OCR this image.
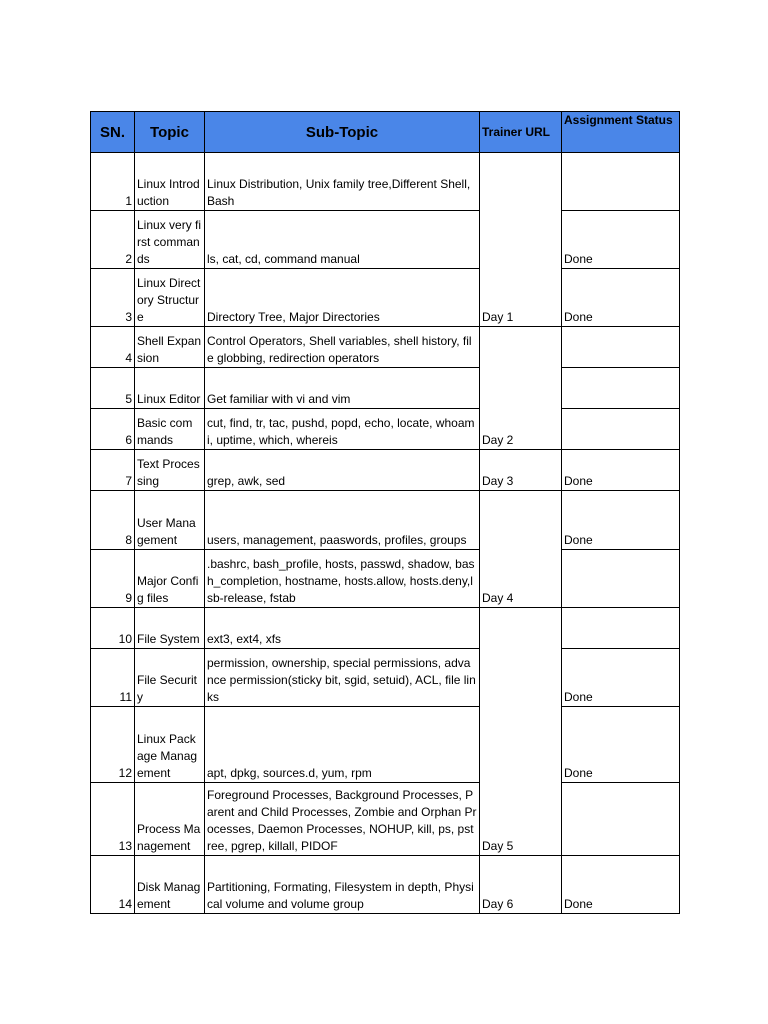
SN.	Topic	Sub-Topic	Trainer URL	Assignment Status
1	Linux Introduction	Linux Distribution, Unix family tree,Different Shell, Bash	Day 1	
2	Linux very first commands	ls, cat, cd, command manual		Done
3	Linux Directory Structure	Directory Tree, Major Directories		Done
4	Shell Expansion	Control Operators, Shell variables, shell history, file globbing, redirection operators	Day 2	
5	Linux Editor	Get familiar with vi and vim		
6	Basic commands	cut, find, tr, tac, pushd, popd, echo, locate, whoami, uptime, which, whereis		
7	Text Processing	grep, awk, sed	Day 3	Done
8	User Management	users, management, paaswords, profiles, groups	Day 4	Done
9	Major Config files	.bashrc, bash_profile, hosts, passwd, shadow, bash_completion, hostname, hosts.allow, hosts.deny,lsb-release, fstab		
10	File System	ext3, ext4, xfs	Day 5	
11	File Security	permission, ownership, special permissions, advance permission(sticky bit, sgid, setuid), ACL, file links		Done
12	Linux Package Management	apt, dpkg, sources.d, yum, rpm		Done
13	Process Management	Foreground Processes, Background Processes, Parent and Child Processes, Zombie and Orphan Processes, Daemon Processes, NOHUP, kill, ps, pstree, pgrep, killall, PIDOF		
14	Disk Management	Partitioning, Formating, Filesystem in depth, Physical volume and volume group	Day 6	Done
